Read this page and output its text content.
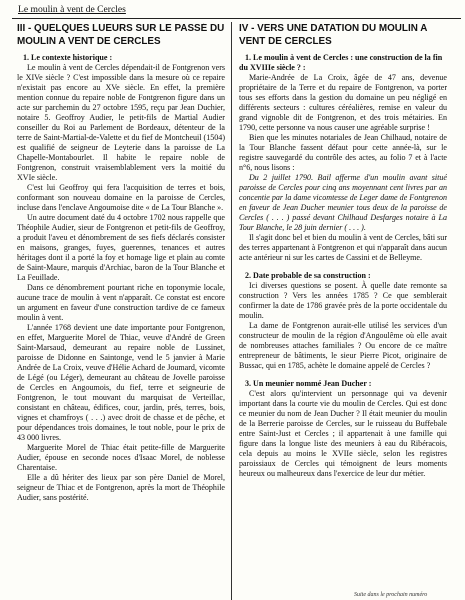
Le moulin à vent de Cercles
III - QUELQUES LUEURS SUR LE PASSÉ DU MOULIN A VENT DE CERCLES
1. Le contexte historique :

Le moulin à vent de Cercles dépendait-il de Fontgrenon vers le XIVe siècle ? C'est impossible dans la mesure où ce repaire n'existait pas encore au XVe siècle. En effet, la première mention connue du repaire noble de Fontgrenon figure dans un acte sur parchemin du 27 octobre 1595, reçu par Jean Duchier, notaire 5. Geoffroy Audier, le petit-fils de Martial Audier conseiller du Roi au Parlement de Bordeaux, détenteur de la terre de Saint-Martial-de-Valette et du fief de Montcheuil (1504) est qualifié de seigneur de Leyterie dans la paroisse de La Chapelle-Montabourlet. Il habite le repaire noble de Fontgrenon, construit vraisemblablement vers la moitié du XVIe siècle.

C'est lui Geoffroy qui fera l'acquisition de terres et bois, conformant son nouveau domaine en la paroisse de Cercles, incluse dans l'enclave Angoumoise dite « de La Tour Blanche ».

Un autre document daté du 4 octobre 1702 nous rappelle que Théophile Audier, sieur de Fontgrenon et petit-fils de Geoffroy, a produit l'aveu et dénombrement de ses fiefs déclarés consister en maisons, granges, fuyes, guerennes, tenances et autres héritages dont il a porté la foy et homage lige et plain au comte de Saint-Maure, marquis d'Archiac, baron de la Tour Blanche et La Feuillade.

Dans ce dénombrement pourtant riche en toponymie locale, aucune trace de moulin à vent n'apparaît. Ce constat est encore un argument en faveur d'une construction tardive de ce fameux moulin à vent.

L'année 1768 devient une date importante pour Fontgrenon, en effet, Marguerite Morel de Thiac, veuve d'André de Green Saint-Marsaud, demeurant au repaire noble de Lussinet, paroisse de Didonne en Saintonge, vend le 5 janvier à Marie Andrée de La Croix, veuve d'Hélie Achard de Joumard, vicomte de Légé (ou Léger), demeurant au château de Jovelle paroisse de Cercles en Angoumois, du fief, terre et seigneurie de Fontgrenon, le tout mouvant du marquisat de Verteillac, consistant en château, édifices, cour, jardin, prés, terres, bois, vignes et chamfroys ( . . .) avec droit de chasse et de pêche, et pour dépendances trois domaines, le tout noble, pour le prix de 43 000 livres.

Marguerite Morel de Thiac était petite-fille de Marguerite Audier, épouse en seconde noces d'Isaac Morel, de noblesse Charentaise.

Elle a dû hériter des lieux par son père Daniel de Morel, seigneur de Thiac et de Fontgrenon, après la mort de Théophile Audier, sans postérité.

IV - VERS UNE DATATION DU MOULIN A VENT DE CERCLES
1. Le moulin à vent de Cercles : une construction de la fin du XVIIIe siècle ? :

Marie-Andrée de La Croix, âgée de 47 ans, devenue propriétaire de la Terre et du repaire de Fontgrenon, va porter tous ses efforts dans la gestion du domaine un peu négligé en différents secteurs : cultures céréalières, remise en valeur du grand vignoble dit de Fontgrenon, et des trois métairies. En 1790, cette personne va nous causer une agréable surprise !

Bien que les minutes notariales de Jean Chilhaud, notaire de la Tour Blanche fassent défaut pour cette année-là, sur le registre sauvegardé du contrôle des actes, au folio 7 et à l'acte n°6, nous lisons :

Du 2 juillet 1790. Bail afferme d'un moulin avant situé paroisse de Cercles pour cinq ans moyennant cent livres par an concentie par la dame vicomtesse de Leger dame de Fontgrenon en faveur de Jean Ducher meunier tous deux de la paroisse de Cercles ( . . . ) passé devant Chilhaud Desfarges notaire à La Tour Blanche, le 28 juin dernier ( . . . ).

Il s'agit donc bel et bien du moulin à vent de Cercles, bâti sur des terres appartenant à Fontgrenon et qui n'apparaît dans aucun acte antérieur ni sur les cartes de Cassini et de Belleyme.

2. Date probable de sa construction :

Ici diverses questions se posent. À quelle date remonte sa construction ? Vers les années 1785 ? Ce que semblerait confirmer la date de 1786 gravée près de la porte occidentale du moulin.

La dame de Fontgrenon aurait-elle utilisé les services d'un constructeur de moulin de la région d'Angoulême où elle avait de nombreuses attaches familiales ? Ou encore de ce maître entrepreneur de bâtiments, le sieur Pierre Picot, originaire de Bussac, qui en 1785, achète le domaine appelé de Cercles ?

3. Un meunier nommé Jean Ducher :

C'est alors qu'intervient un personnage qui va devenir important dans la courte vie du moulin de Cercles. Qui est donc ce meunier du nom de Jean Ducher ? Il était meunier du moulin de la Berrerie paroisse de Cercles, sur le ruisseau du Buffebale entre Saint-Just et Cercles ; il appartenait à une famille qui figure dans la longue liste des meuniers à eau du Ribéracois, cela depuis au moins le XVIIe siècle, selon les registres paroissiaux de Cercles qui témoignent de leurs moments heureux ou malheureux dans l'exercice de leur dur métier.

Suite dans le prochain numéro
